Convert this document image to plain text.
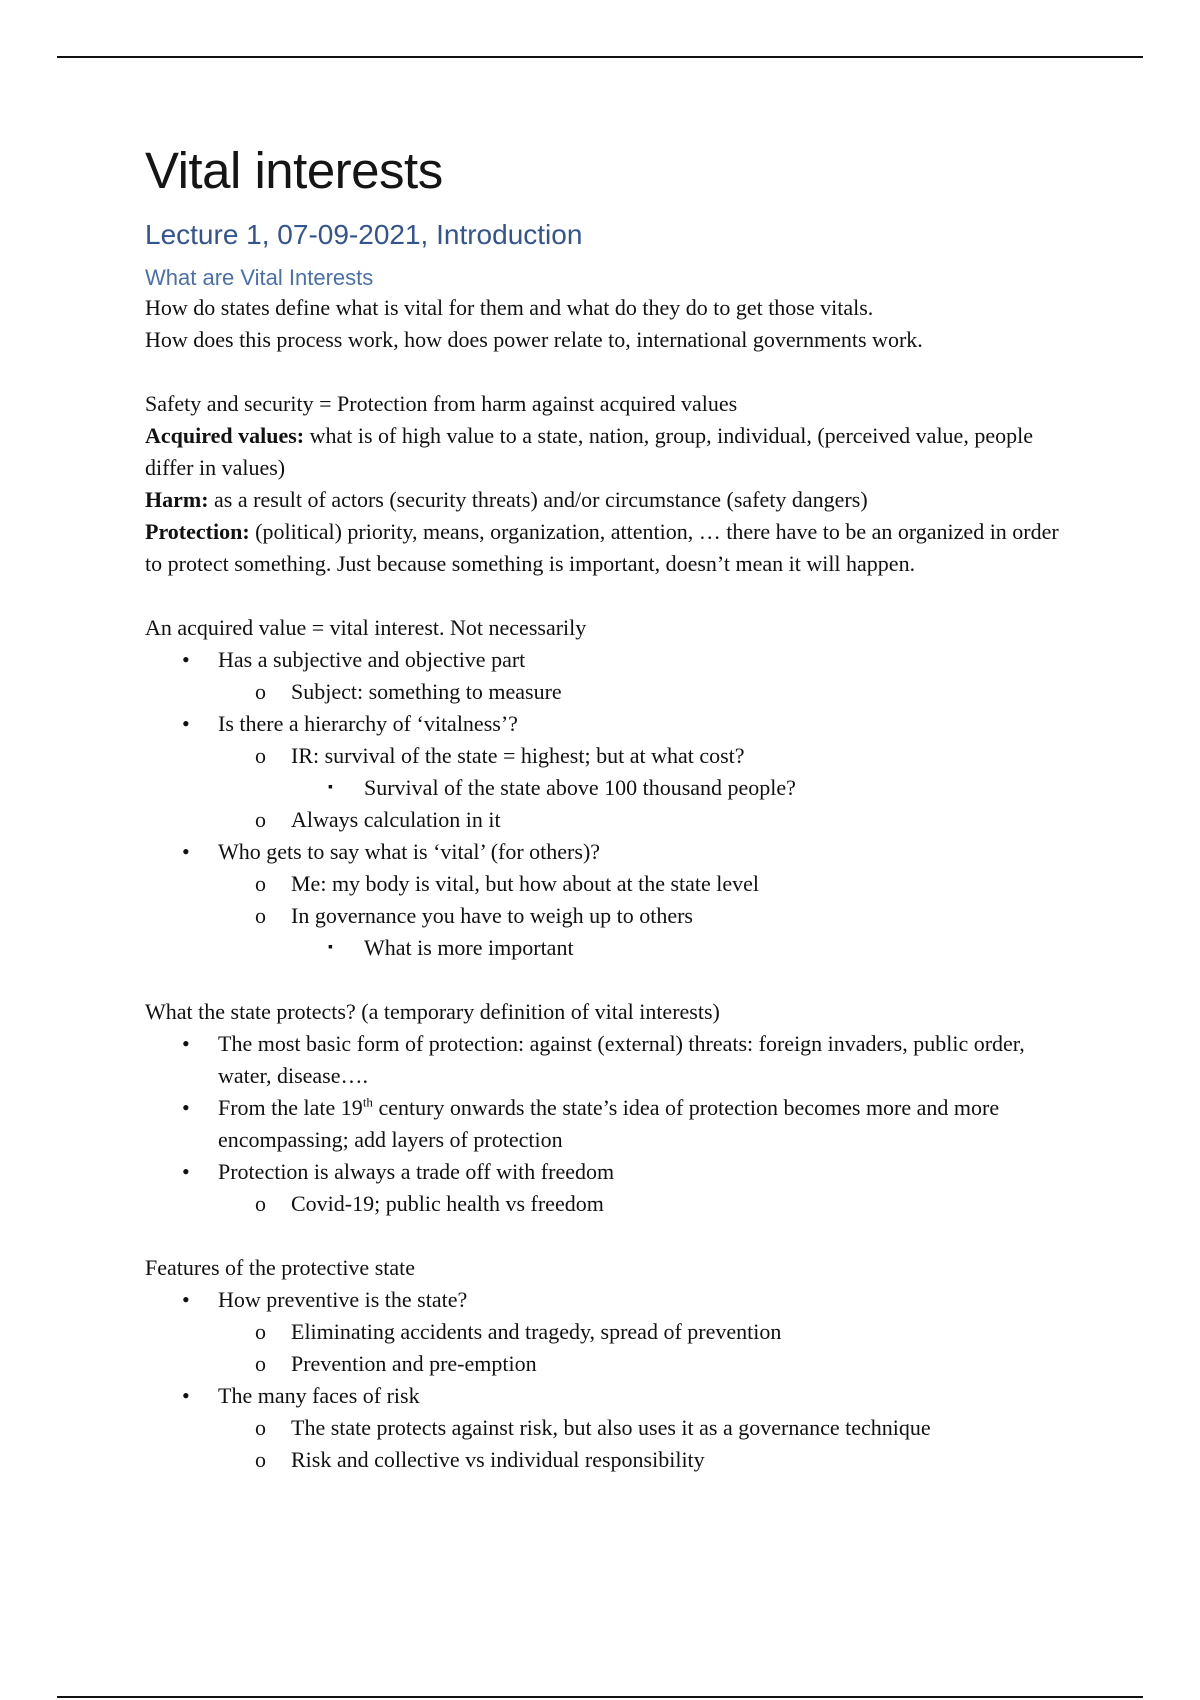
Vital interests
Lecture 1, 07-09-2021, Introduction
What are Vital Interests

How do states define what is vital for them and what do they do to get those vitals.

How does this process work, how does power relate to, international governments work.

Safety and security = Protection from harm against acquired values

Acquired values: what is of high value to a state, nation, group, individual, (perceived value, people differ in values)

Harm: as a result of actors (security threats) and/or circumstance (safety dangers)

Protection: (political) priority, means, organization, attention, … there have to be an organized in order to protect something. Just because something is important, doesn’t mean it will happen.

An acquired value = vital interest. Not necessarily

• Has a subjective and objective part
o Subject: something to measure
• Is there a hierarchy of ‘vitalness’?
o IR: survival of the state = highest; but at what cost?
▪ Survival of the state above 100 thousand people?
o Always calculation in it
• Who gets to say what is ‘vital’ (for others)?
o Me: my body is vital, but how about at the state level
o In governance you have to weigh up to others
▪ What is more important

What the state protects? (a temporary definition of vital interests)

• The most basic form of protection: against (external) threats: foreign invaders, public order, water, disease….
• From the late 19th century onwards the state’s idea of protection becomes more and more encompassing; add layers of protection
• Protection is always a trade off with freedom
o Covid-19; public health vs freedom

Features of the protective state

• How preventive is the state?
o Eliminating accidents and tragedy, spread of prevention
o Prevention and pre-emption
• The many faces of risk
o The state protects against risk, but also uses it as a governance technique
o Risk and collective vs individual responsibility
